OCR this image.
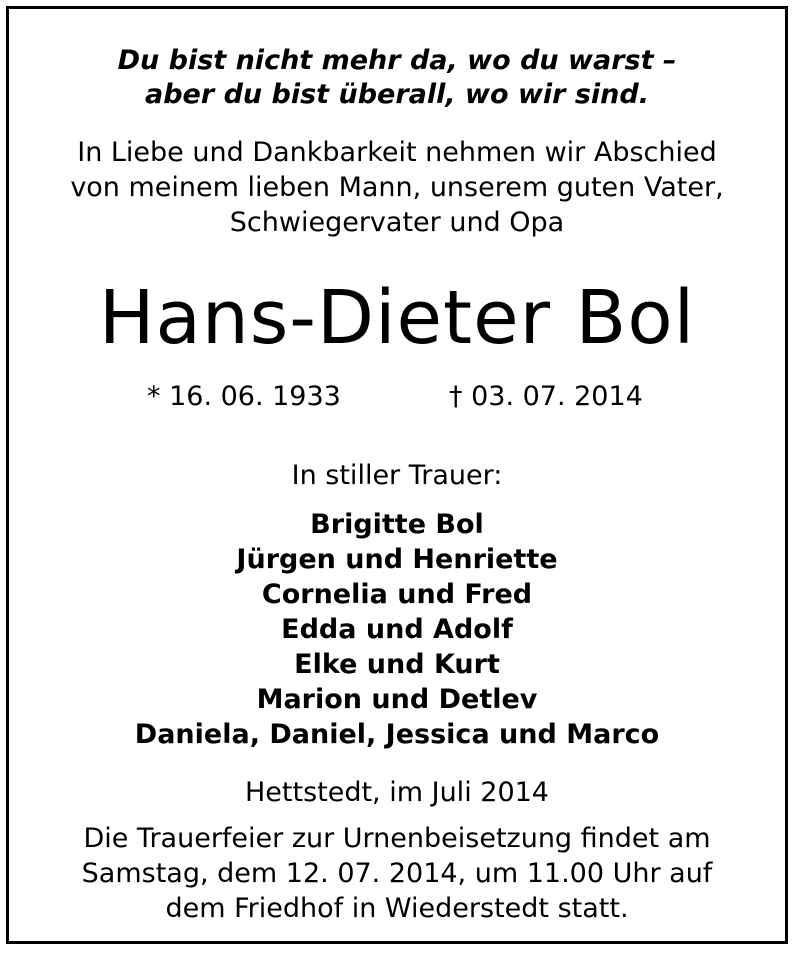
Du bist nicht mehr da, wo du warst –
aber du bist überall, wo wir sind.
In Liebe und Dankbarkeit nehmen wir Abschied
von meinem lieben Mann, unserem guten Vater,
Schwiegervater und Opa
Hans-Dieter Bol
* 16. 06. 1933	† 03. 07. 2014
In stiller Trauer:
Brigitte Bol
Jürgen und Henriette
Cornelia und Fred
Edda und Adolf
Elke und Kurt
Marion und Detlev
Daniela, Daniel, Jessica und Marco
Hettstedt, im Juli 2014
Die Trauerfeier zur Urnenbeisetzung findet am
Samstag, dem 12. 07. 2014, um 11.00 Uhr auf
dem Friedhof in Wiederstedt statt.
